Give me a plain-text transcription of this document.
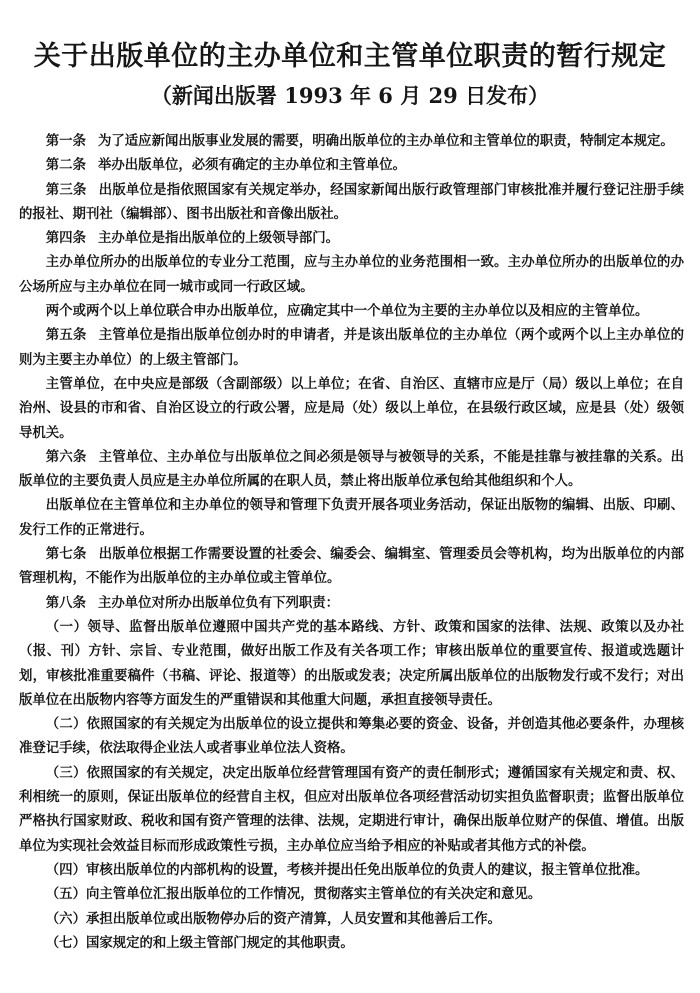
关于出版单位的主办单位和主管单位职责的暂行规定
（新闻出版署 1993 年 6 月 29 日发布）

第一条 为了适应新闻出版事业发展的需要，明确出版单位的主办单位和主管单位的职责，特制定本规定。

第二条 举办出版单位，必须有确定的主办单位和主管单位。

第三条 出版单位是指依照国家有关规定举办，经国家新闻出版行政管理部门审核批准并履行登记注册手续的报社、期刊社（编辑部）、图书出版社和音像出版社。

第四条 主办单位是指出版单位的上级领导部门。

主办单位所办的出版单位的专业分工范围，应与主办单位的业务范围相一致。主办单位所办的出版单位的办公场所应与主办单位在同一城市或同一行政区域。

两个或两个以上单位联合申办出版单位，应确定其中一个单位为主要的主办单位以及相应的主管单位。

第五条 主管单位是指出版单位创办时的申请者，并是该出版单位的主办单位（两个或两个以上主办单位的则为主要主办单位）的上级主管部门。

主管单位，在中央应是部级（含副部级）以上单位；在省、自治区、直辖市应是厅（局）级以上单位；在自治州、设县的市和省、自治区设立的行政公署，应是局（处）级以上单位，在县级行政区域，应是县（处）级领导机关。

第六条 主管单位、主办单位与出版单位之间必须是领导与被领导的关系，不能是挂靠与被挂靠的关系。出版单位的主要负责人员应是主办单位所属的在职人员，禁止将出版单位承包给其他组织和个人。

出版单位在主管单位和主办单位的领导和管理下负责开展各项业务活动，保证出版物的编辑、出版、印刷、发行工作的正常进行。

第七条 出版单位根据工作需要设置的社委会、编委会、编辑室、管理委员会等机构，均为出版单位的内部管理机构，不能作为出版单位的主办单位或主管单位。

第八条 主办单位对所办出版单位负有下列职责：

（一）领导、监督出版单位遵照中国共产党的基本路线、方针、政策和国家的法律、法规、政策以及办社（报、刊）方针、宗旨、专业范围，做好出版工作及有关各项工作；审核出版单位的重要宣传、报道或选题计划，审核批准重要稿件（书稿、评论、报道等）的出版或发表；决定所属出版单位的出版物发行或不发行；对出版单位在出版物内容等方面发生的严重错误和其他重大问题，承担直接领导责任。

（二）依照国家的有关规定为出版单位的设立提供和筹集必要的资金、设备，并创造其他必要条件，办理核准登记手续，依法取得企业法人或者事业单位法人资格。

（三）依照国家的有关规定，决定出版单位经营管理国有资产的责任制形式；遵循国家有关规定和责、权、利相统一的原则，保证出版单位的经营自主权，但应对出版单位各项经营活动切实担负监督职责；监督出版单位严格执行国家财政、税收和国有资产管理的法律、法规，定期进行审计，确保出版单位财产的保值、增值。出版单位为实现社会效益目标而形成政策性亏损，主办单位应当给予相应的补贴或者其他方式的补偿。

（四）审核出版单位的内部机构的设置，考核并提出任免出版单位的负责人的建议，报主管单位批准。

（五）向主管单位汇报出版单位的工作情况，贯彻落实主管单位的有关决定和意见。

（六）承担出版单位或出版物停办后的资产清算，人员安置和其他善后工作。

（七）国家规定的和上级主管部门规定的其他职责。
